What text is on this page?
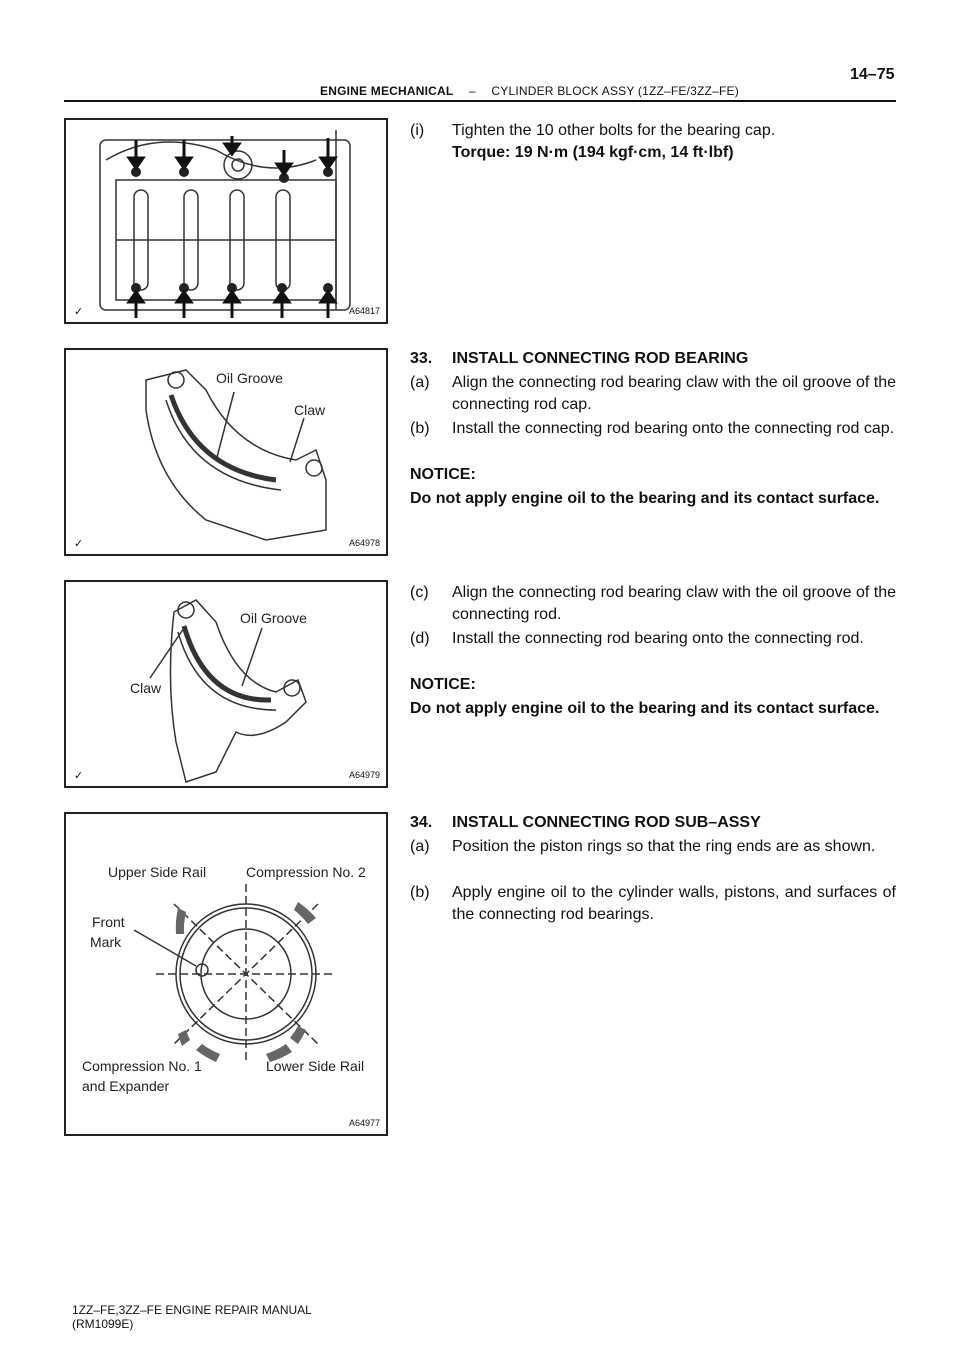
14–75
ENGINE MECHANICAL – CYLINDER BLOCK ASSY (1ZZ–FE/3ZZ–FE)
✓	A64817
Oil Groove
Claw
✓	A64978
Oil Groove
Claw
✓	A64979
Upper Side Rail	Compression No. 2
Front
Mark
Compression No. 1
and Expander
Lower Side Rail
A64977
(i) Tighten the 10 other bolts for the bearing cap.
Torque: 19 N·m (194 kgf·cm, 14 ft·lbf)
33. INSTALL CONNECTING ROD BEARING
(a) Align the connecting rod bearing claw with the oil groove of the connecting rod cap.
(b) Install the connecting rod bearing onto the connecting rod cap.
NOTICE:
Do not apply engine oil to the bearing and its contact surface.
(c) Align the connecting rod bearing claw with the oil groove of the connecting rod.
(d) Install the connecting rod bearing onto the connecting rod.
NOTICE:
Do not apply engine oil to the bearing and its contact surface.
34. INSTALL CONNECTING ROD SUB–ASSY
(a) Position the piston rings so that the ring ends are as shown.
(b) Apply engine oil to the cylinder walls, pistons, and surfaces of the connecting rod bearings.
1ZZ–FE,3ZZ–FE ENGINE REPAIR MANUAL
(RM1099E)
